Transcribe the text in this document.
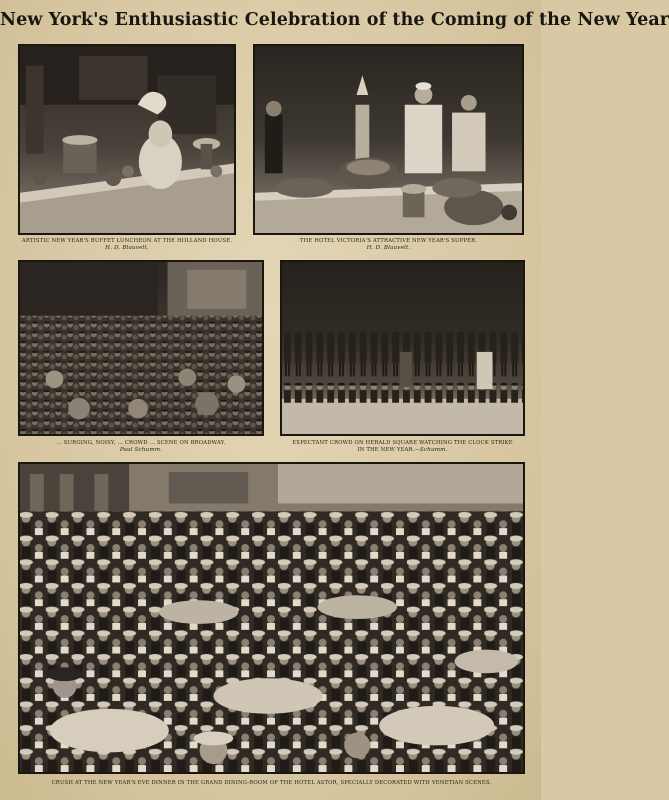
New York's Enthusiastic Celebration of the Coming of the New Year
ARTISTIC NEW YEAR'S BUFFET LUNCHEON AT THE HOLLAND HOUSE.
H. D. Blauvelt.
THE HOTEL VICTORIA'S ATTRACTIVE NEW YEAR'S SUPPER.
H. D. Blauvelt.
... SURGING, NOISY, ... CROWD ... SCENE ON BROADWAY.
Paul Schumm.
EXPECTANT CROWD ON HERALD SQUARE WATCHING THE CLOCK STRIKE
IN THE NEW YEAR.—Schumm.
CRUSH AT THE NEW YEAR'S EVE DINNER IN THE GRAND DINING-ROOM OF THE HOTEL ASTOR, SPECIALLY DECORATED WITH VENETIAN SCENES.
